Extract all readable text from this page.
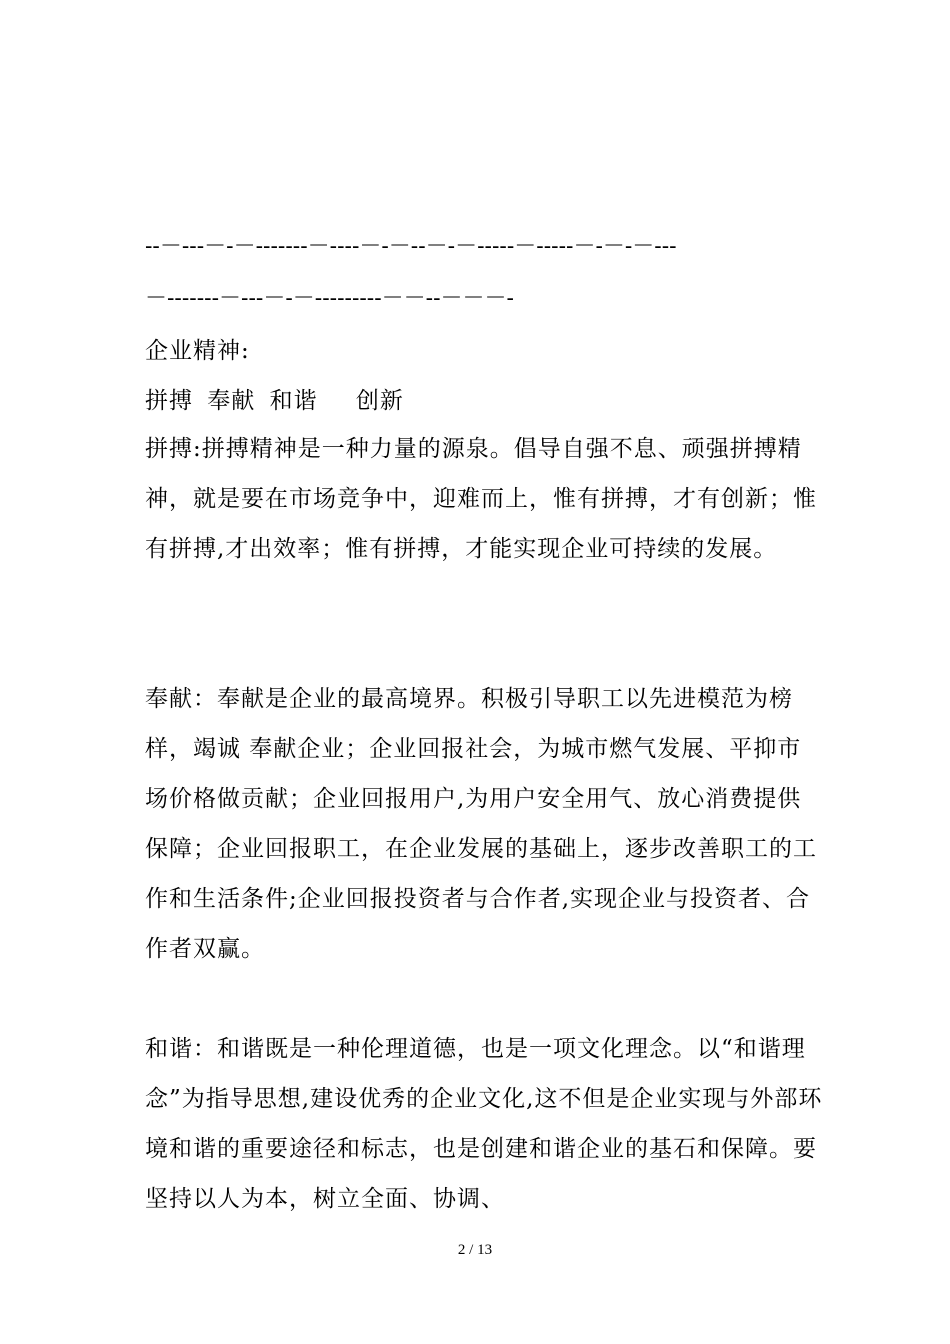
--－---－-－-------－----－-－--－-－-----－-----－-－-－---
－-------－---－-－---------－－--－－－-
企业精神:
拼搏 奉献 和谐　 创新

拼搏:拼搏精神是一种力量的源泉。倡导自强不息、顽强拼搏精神，就是要在市场竞争中，迎难而上，惟有拼搏，才有创新；惟有拼搏,才出效率；惟有拼搏，才能实现企业可持续的发展。

奉献：奉献是企业的最高境界。积极引导职工以先进模范为榜样，竭诚 奉献企业；企业回报社会，为城市燃气发展、平抑市场价格做贡献；企业回报用户,为用户安全用气、放心消费提供保障；企业回报职工，在企业发展的基础上，逐步改善职工的工作和生活条件;企业回报投资者与合作者,实现企业与投资者、合作者双赢。

和谐：和谐既是一种伦理道德，也是一项文化理念。以“和谐理念”为指导思想,建设优秀的企业文化,这不但是企业实现与外部环境和谐的重要途径和标志，也是创建和谐企业的基石和保障。要坚持以人为本，树立全面、协调、

2 / 13
